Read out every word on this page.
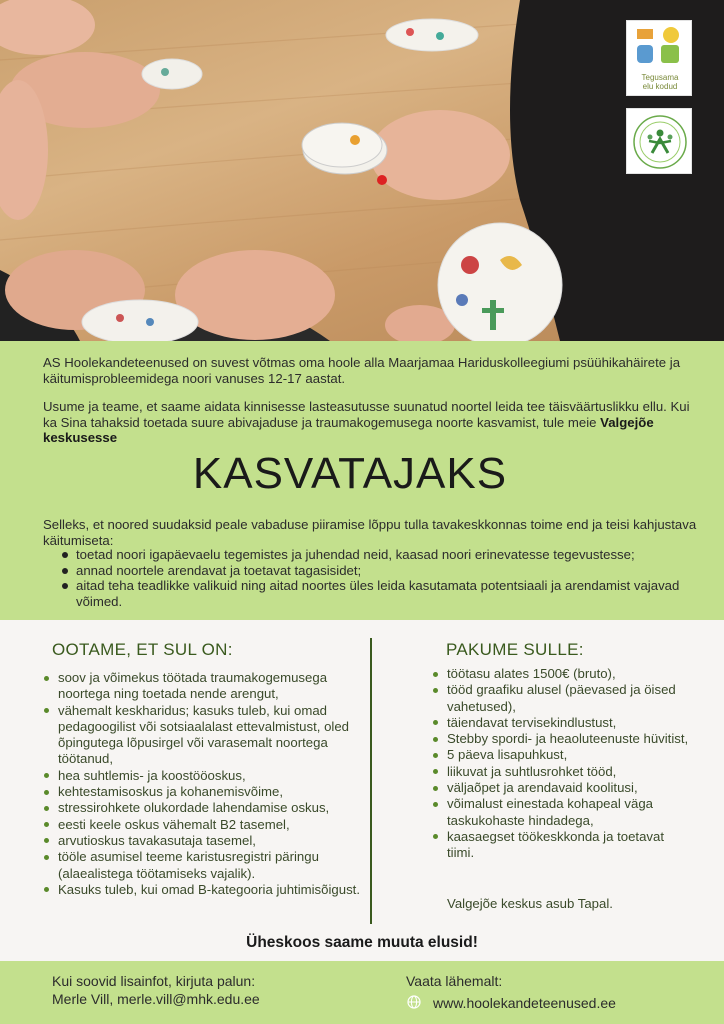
Tegusama
elu kodud

AS Hoolekandeteenused on suvest võtmas oma hoole alla Maarjamaa Hariduskolleegiumi psüühikahäirete ja käitumisprobleemidega noori vanuses 12-17 aastat.

Usume ja teame, et saame aidata kinnisesse lasteasutusse suunatud noortel leida tee täisväärtuslikku ellu. Kui ka Sina tahaksid toetada suure abivajaduse ja traumakogemusega noorte kasvamist, tule meie Valgejõe keskusesse

KASVATAJAKS

Selleks, et noored suudaksid peale vabaduse piiramise lõppu tulla tavakeskkonnas toime end ja teisi kahjustava käitumiseta:

toetad noori igapäevaelu tegemistes ja juhendad neid, kaasad noori erinevatesse tegevustesse;
annad noortele arendavat ja toetavat tagasisidet;
aitad teha teadlikke valikuid ning aitad noortes üles leida kasutamata potentsiaali ja arendamist vajavad võimed.
OOTAME, ET SUL ON:	PAKUME SULLE:
soov ja võimekus töötada traumakogemusega noortega ning toetada nende arengut,
vähemalt keskharidus; kasuks tuleb, kui omad pedagoogilist või sotsiaalalast ettevalmistust, oled õpingutega lõpusirgel või varasemalt noortega töötanud,
hea suhtlemis- ja koostööoskus,
kehtestamisoskus ja kohanemisvõime,
stressirohkete olukordade lahendamise oskus,
eesti keele oskus vähemalt B2 tasemel,
arvutioskus tavakasutaja tasemel,
tööle asumisel teeme karistusregistri päringu (alaealistega töötamiseks vajalik).
Kasuks tuleb, kui omad B-kategooria juhtimisõigust.
töötasu alates 1500€ (bruto),
tööd graafiku alusel (päevased ja öised vahetused),
täiendavat tervisekindlustust,
Stebby spordi- ja heaoluteenuste hüvitist,
5 päeva lisapuhkust,
liikuvat ja suhtlusrohket tööd,
väljaõpet ja arendavaid koolitusi,
võimalust einestada kohapeal väga taskukohaste hindadega,
kaasaegset töökeskkonda ja toetavat tiimi.
Valgejõe keskus asub Tapal.
Üheskoos saame muuta elusid!
Kui soovid lisainfot, kirjuta palun:
Merle Vill, merle.vill@mhk.edu.ee
Vaata lähemalt:
www.hoolekandeteenused.ee
